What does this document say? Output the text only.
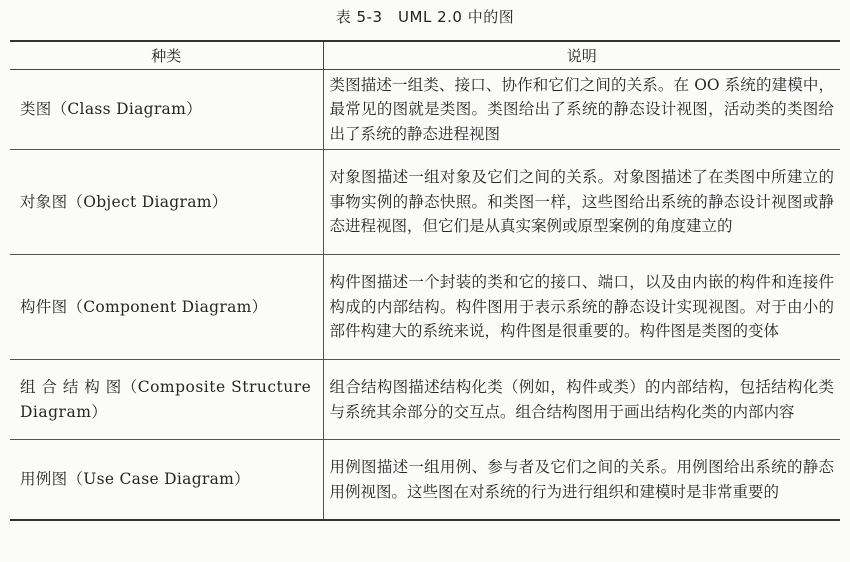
表 5-3　UML 2.0 中的图
种类	说明
类图（Class Diagram）	类图描述一组类、接口、协作和它们之间的关系。在 OO 系统的建模中，最常见的图就是类图。类图给出了系统的静态设计视图，活动类的类图给出了系统的静态进程视图
对象图（Object Diagram）	对象图描述一组对象及它们之间的关系。对象图描述了在类图中所建立的事物实例的静态快照。和类图一样，这些图给出系统的静态设计视图或静态进程视图，但它们是从真实案例或原型案例的角度建立的
构件图（Component Diagram）	构件图描述一个封装的类和它的接口、端口，以及由内嵌的构件和连接件构成的内部结构。构件图用于表示系统的静态设计实现视图。对于由小的部件构建大的系统来说，构件图是很重要的。构件图是类图的变体
组 合 结 构 图（Composite Structure Diagram）	组合结构图描述结构化类（例如，构件或类）的内部结构，包括结构化类与系统其余部分的交互点。组合结构图用于画出结构化类的内部内容
用例图（Use Case Diagram）	用例图描述一组用例、参与者及它们之间的关系。用例图给出系统的静态用例视图。这些图在对系统的行为进行组织和建模时是非常重要的
